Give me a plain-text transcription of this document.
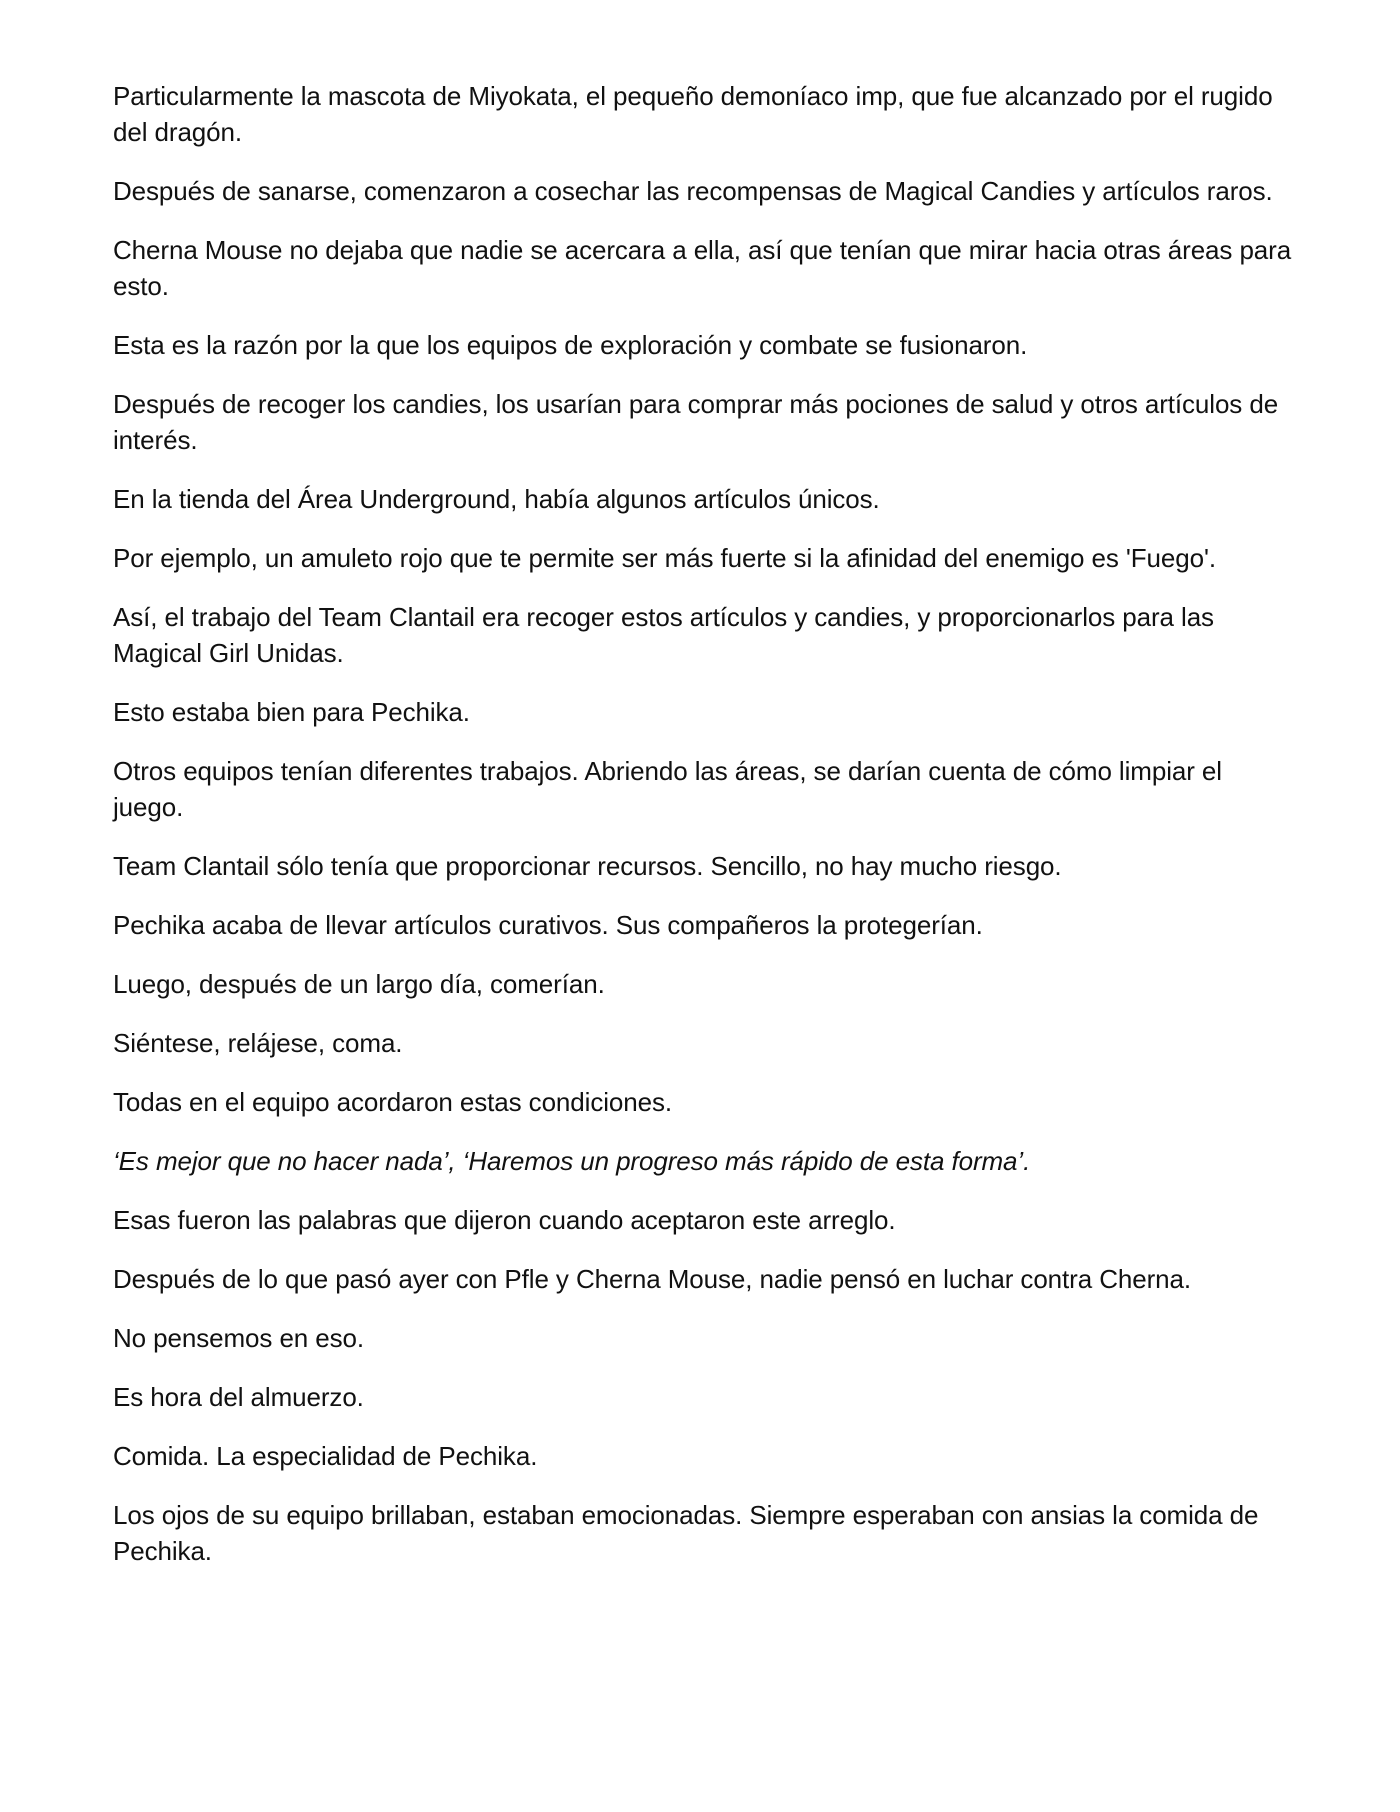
Particularmente la mascota de Miyokata, el pequeño demoníaco imp, que fue alcanzado por el rugido del dragón.

Después de sanarse, comenzaron a cosechar las recompensas de Magical Candies y artículos raros.

Cherna Mouse no dejaba que nadie se acercara a ella, así que tenían que mirar hacia otras áreas para esto.

Esta es la razón por la que los equipos de exploración y combate se fusionaron.

Después de recoger los candies, los usarían para comprar más pociones de salud y otros artículos de interés.

En la tienda del Área Underground, había algunos artículos únicos.

Por ejemplo, un amuleto rojo que te permite ser más fuerte si la afinidad del enemigo es 'Fuego'.

Así, el trabajo del Team Clantail era recoger estos artículos y candies, y proporcionarlos para las Magical Girl Unidas.

Esto estaba bien para Pechika.

Otros equipos tenían diferentes trabajos. Abriendo las áreas, se darían cuenta de cómo limpiar el juego.

Team Clantail sólo tenía que proporcionar recursos. Sencillo, no hay mucho riesgo.

Pechika acaba de llevar artículos curativos. Sus compañeros la protegerían.

Luego, después de un largo día, comerían.

Siéntese, relájese, coma.

Todas en el equipo acordaron estas condiciones.

‘Es mejor que no hacer nada’, ‘Haremos un progreso más rápido de esta forma’.

Esas fueron las palabras que dijeron cuando aceptaron este arreglo.

Después de lo que pasó ayer con Pfle y Cherna Mouse, nadie pensó en luchar contra Cherna.

No pensemos en eso.

Es hora del almuerzo.

Comida. La especialidad de Pechika.

Los ojos de su equipo brillaban, estaban emocionadas. Siempre esperaban con ansias la comida de Pechika.
